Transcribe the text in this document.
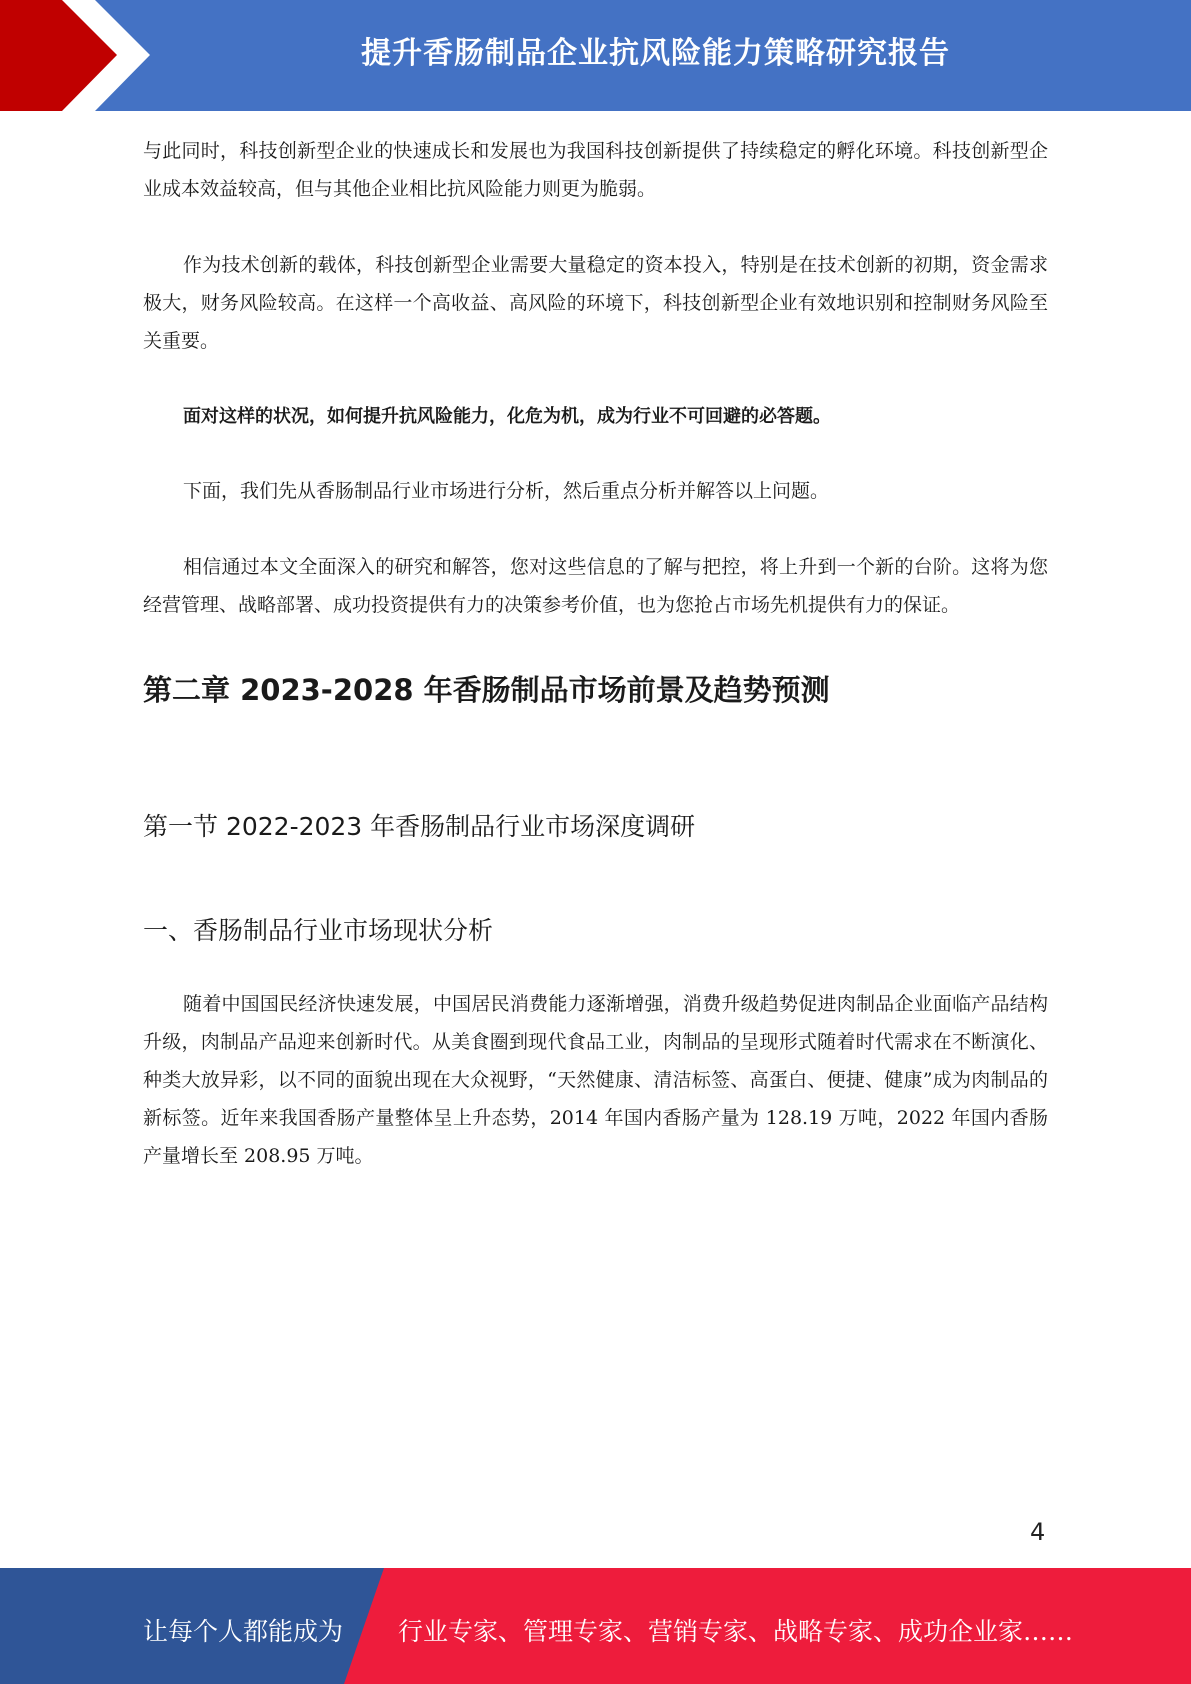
提升香肠制品企业抗风险能力策略研究报告

与此同时，科技创新型企业的快速成长和发展也为我国科技创新提供了持续稳定的孵化环境。科技创新型企业成本效益较高，但与其他企业相比抗风险能力则更为脆弱。

作为技术创新的载体，科技创新型企业需要大量稳定的资本投入，特别是在技术创新的初期，资金需求极大，财务风险较高。在这样一个高收益、高风险的环境下，科技创新型企业有效地识别和控制财务风险至关重要。

面对这样的状况，如何提升抗风险能力，化危为机，成为行业不可回避的必答题。

下面，我们先从香肠制品行业市场进行分析，然后重点分析并解答以上问题。

相信通过本文全面深入的研究和解答，您对这些信息的了解与把控，将上升到一个新的台阶。这将为您经营管理、战略部署、成功投资提供有力的决策参考价值，也为您抢占市场先机提供有力的保证。

第二章 2023-2028 年香肠制品市场前景及趋势预测
第一节 2022-2023 年香肠制品行业市场深度调研
一、香肠制品行业市场现状分析

随着中国国民经济快速发展，中国居民消费能力逐渐增强，消费升级趋势促进肉制品企业面临产品结构升级，肉制品产品迎来创新时代。从美食圈到现代食品工业，肉制品的呈现形式随着时代需求在不断演化、种类大放异彩，以不同的面貌出现在大众视野，“天然健康、清洁标签、高蛋白、便捷、健康”成为肉制品的新标签。近年来我国香肠产量整体呈上升态势，2014 年国内香肠产量为 128.19 万吨，2022 年国内香肠产量增长至 208.95 万吨。

4
让每个人都能成为 行业专家、管理专家、营销专家、战略专家、成功企业家……
